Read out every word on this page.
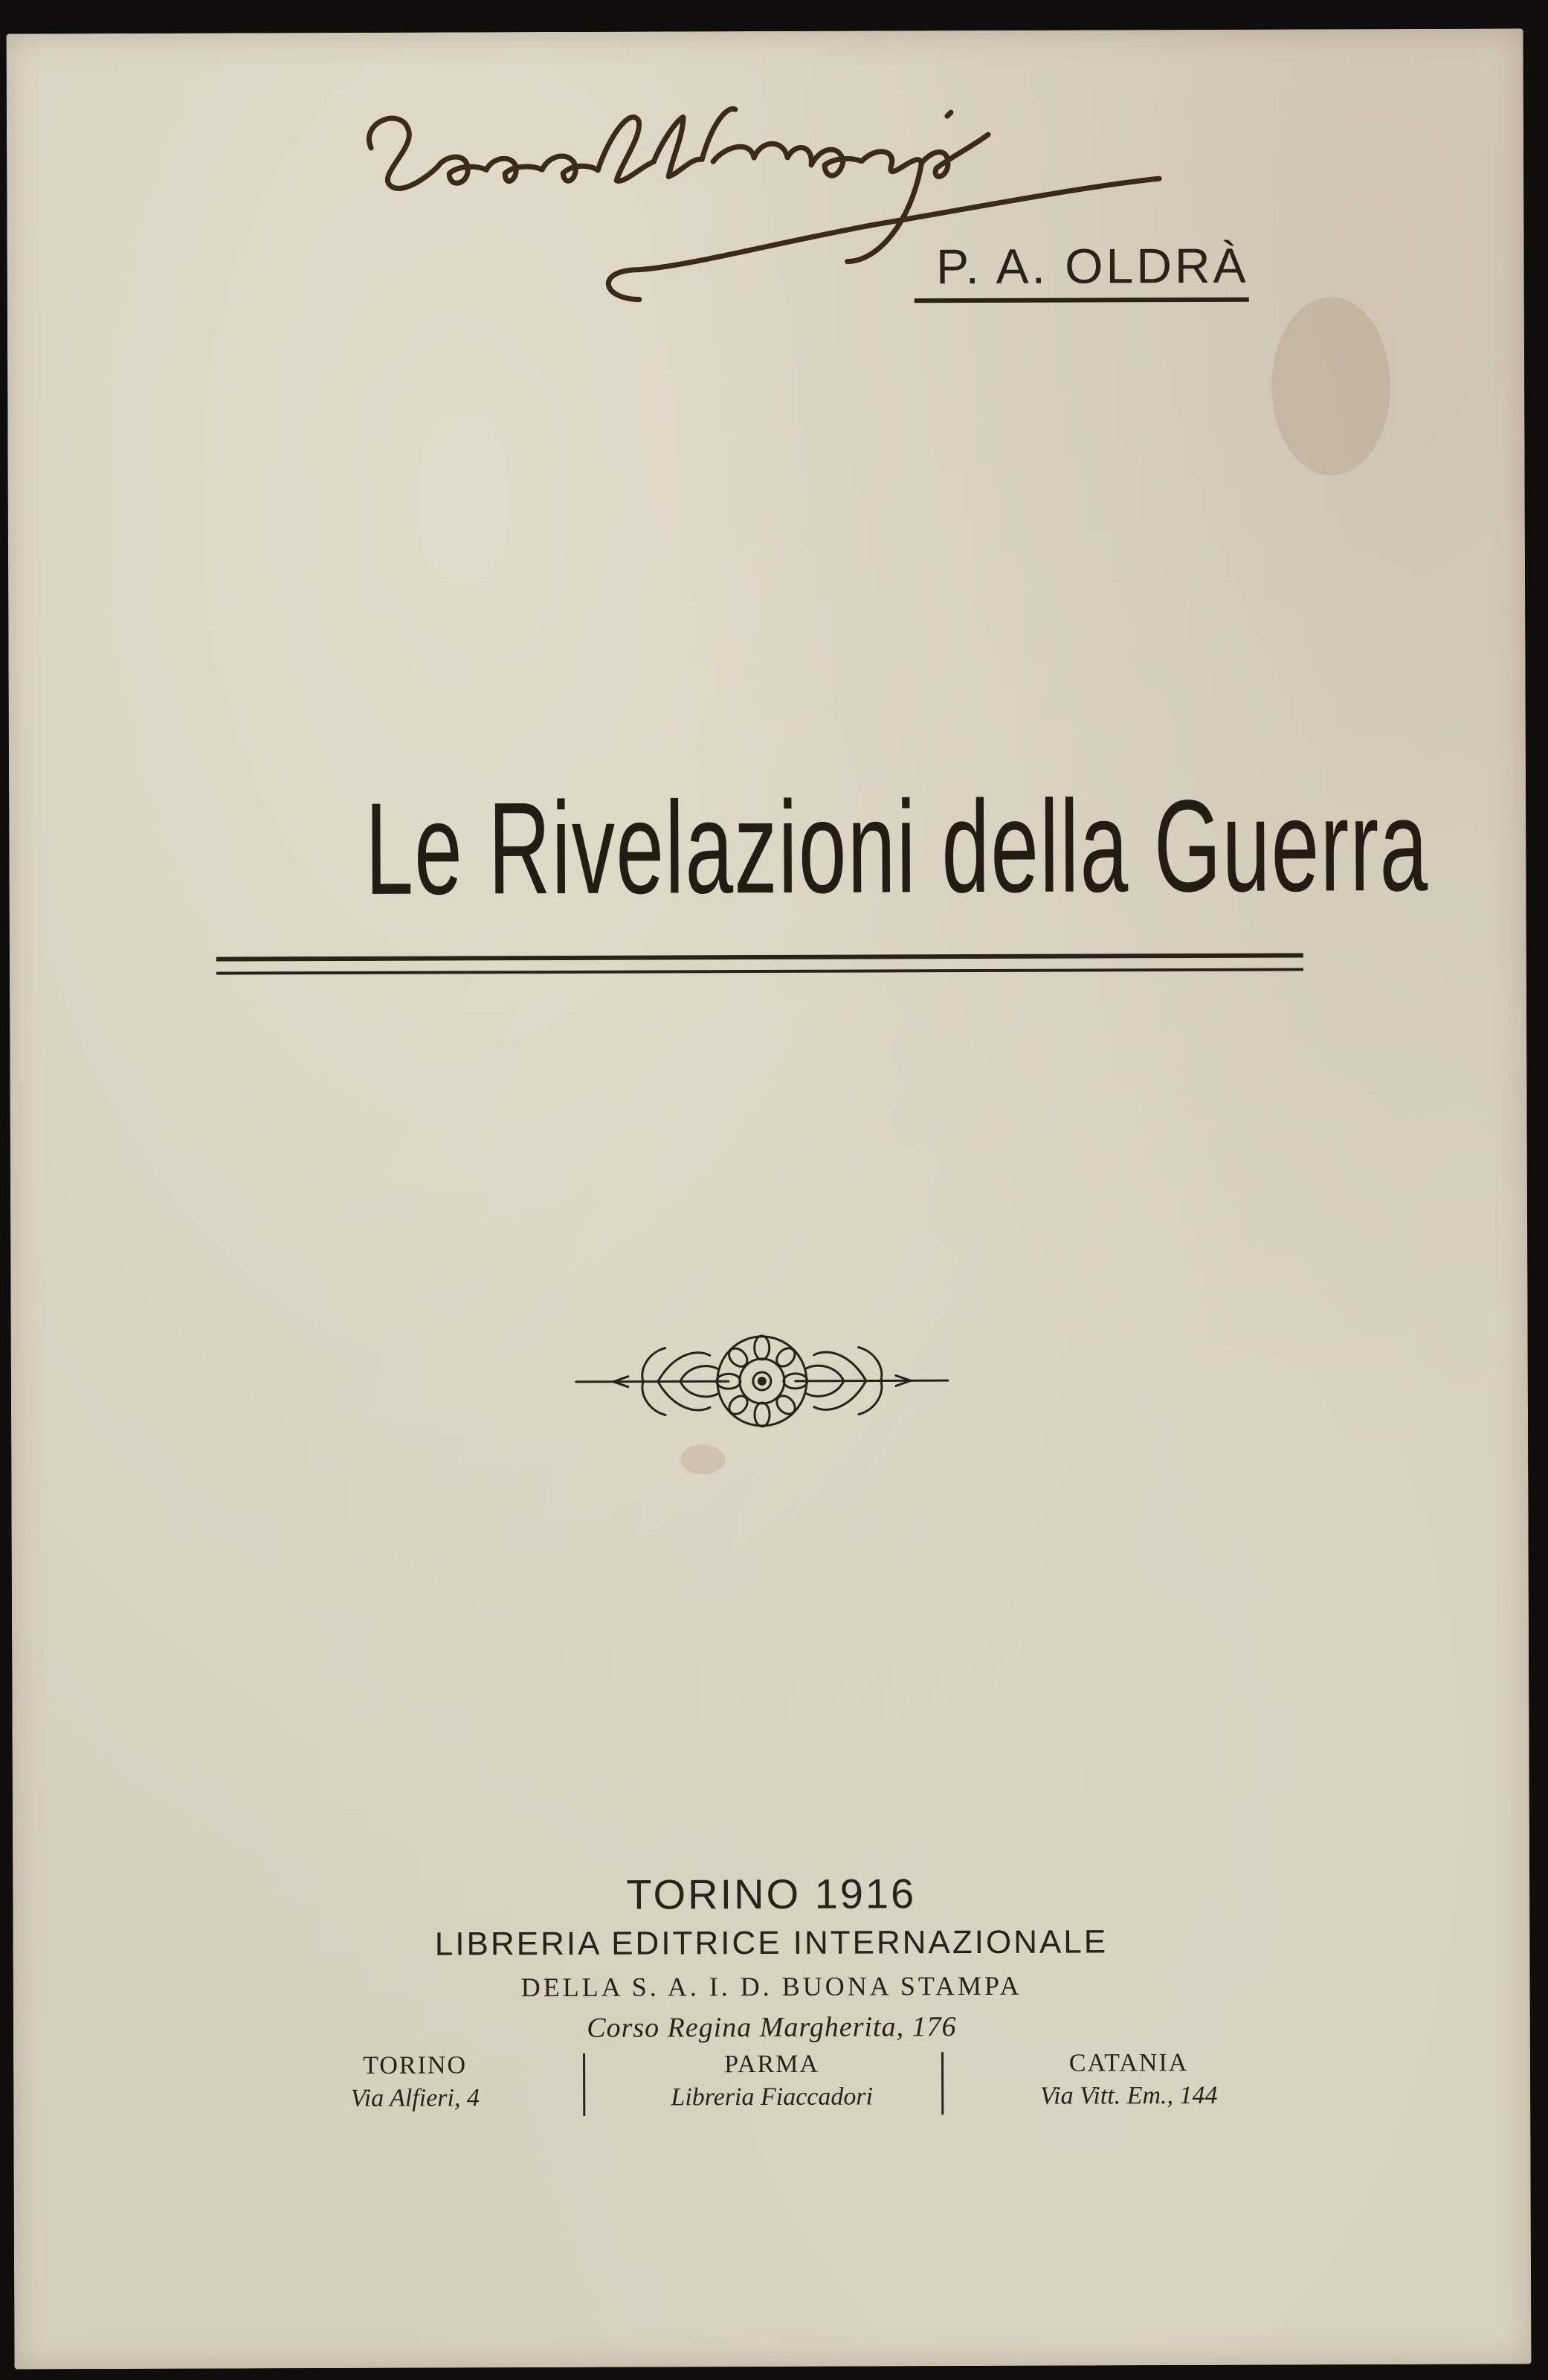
P. A. OLDRÀ
Le Rivelazioni della Guerra
TORINO 1916
LIBRERIA EDITRICE INTERNAZIONALE
DELLA S. A. I. D. BUONA STAMPA
Corso Regina Margherita, 176
TORINO
Via Alfieri, 4
PARMA
Libreria Fiaccadori
CATANIA
Via Vitt. Em., 144
